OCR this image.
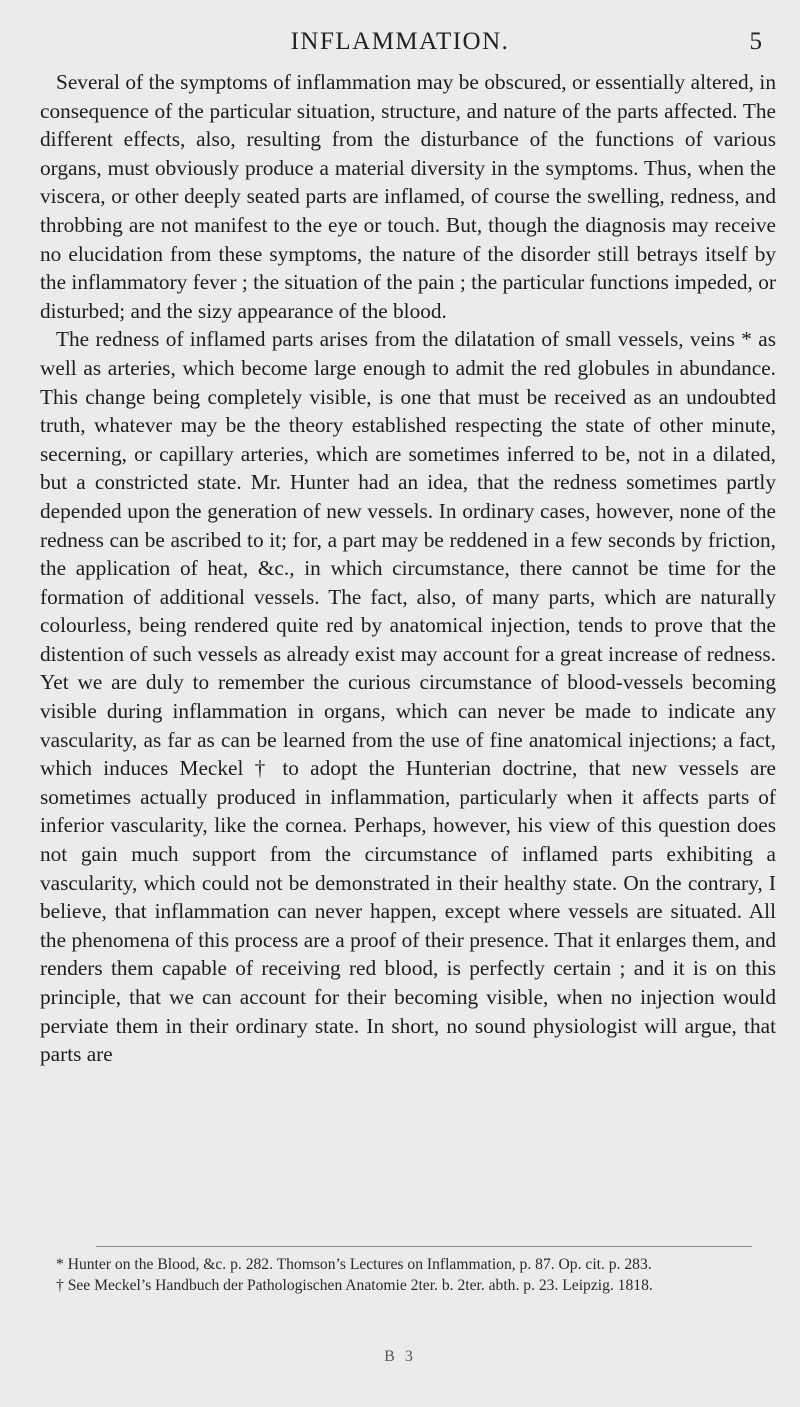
INFLAMMATION.	5

Several of the symptoms of inflammation may be obscured, or essentially altered, in consequence of the particular situation, structure, and nature of the parts affected. The different effects, also, resulting from the disturbance of the functions of various organs, must obviously produce a material diversity in the symptoms. Thus, when the viscera, or other deeply seated parts are inflamed, of course the swelling, redness, and throbbing are not manifest to the eye or touch. But, though the diagnosis may receive no elucidation from these symptoms, the nature of the disorder still betrays itself by the inflammatory fever ; the situation of the pain ; the particular functions impeded, or disturbed; and the sizy appearance of the blood.

The redness of inflamed parts arises from the dilatation of small vessels, veins * as well as arteries, which become large enough to admit the red globules in abundance. This change being completely visible, is one that must be received as an undoubted truth, whatever may be the theory established respecting the state of other minute, secerning, or capillary arteries, which are sometimes inferred to be, not in a dilated, but a constricted state. Mr. Hunter had an idea, that the redness sometimes partly depended upon the generation of new vessels. In ordinary cases, however, none of the redness can be ascribed to it; for, a part may be reddened in a few seconds by friction, the application of heat, &c., in which circumstance, there cannot be time for the formation of additional vessels. The fact, also, of many parts, which are naturally colourless, being rendered quite red by anatomical injection, tends to prove that the distention of such vessels as already exist may account for a great increase of redness. Yet we are duly to remember the curious circumstance of blood-vessels becoming visible during inflammation in organs, which can never be made to indicate any vascularity, as far as can be learned from the use of fine anatomical injections; a fact, which induces Meckel † to adopt the Hunterian doctrine, that new vessels are sometimes actually produced in inflammation, particularly when it affects parts of inferior vascularity, like the cornea. Perhaps, however, his view of this question does not gain much support from the circumstance of inflamed parts exhibiting a vascularity, which could not be demonstrated in their healthy state. On the contrary, I believe, that inflammation can never happen, except where vessels are situated. All the phenomena of this process are a proof of their presence. That it enlarges them, and renders them capable of receiving red blood, is perfectly certain ; and it is on this principle, that we can account for their becoming visible, when no injection would perviate them in their ordinary state. In short, no sound physiologist will argue, that parts are

* Hunter on the Blood, &c. p. 282. Thomson’s Lectures on Inflammation, p. 87. Op. cit. p. 283.

† See Meckel’s Handbuch der Pathologischen Anatomie 2ter. b. 2ter. abth. p. 23. Leipzig. 1818.

B 3
